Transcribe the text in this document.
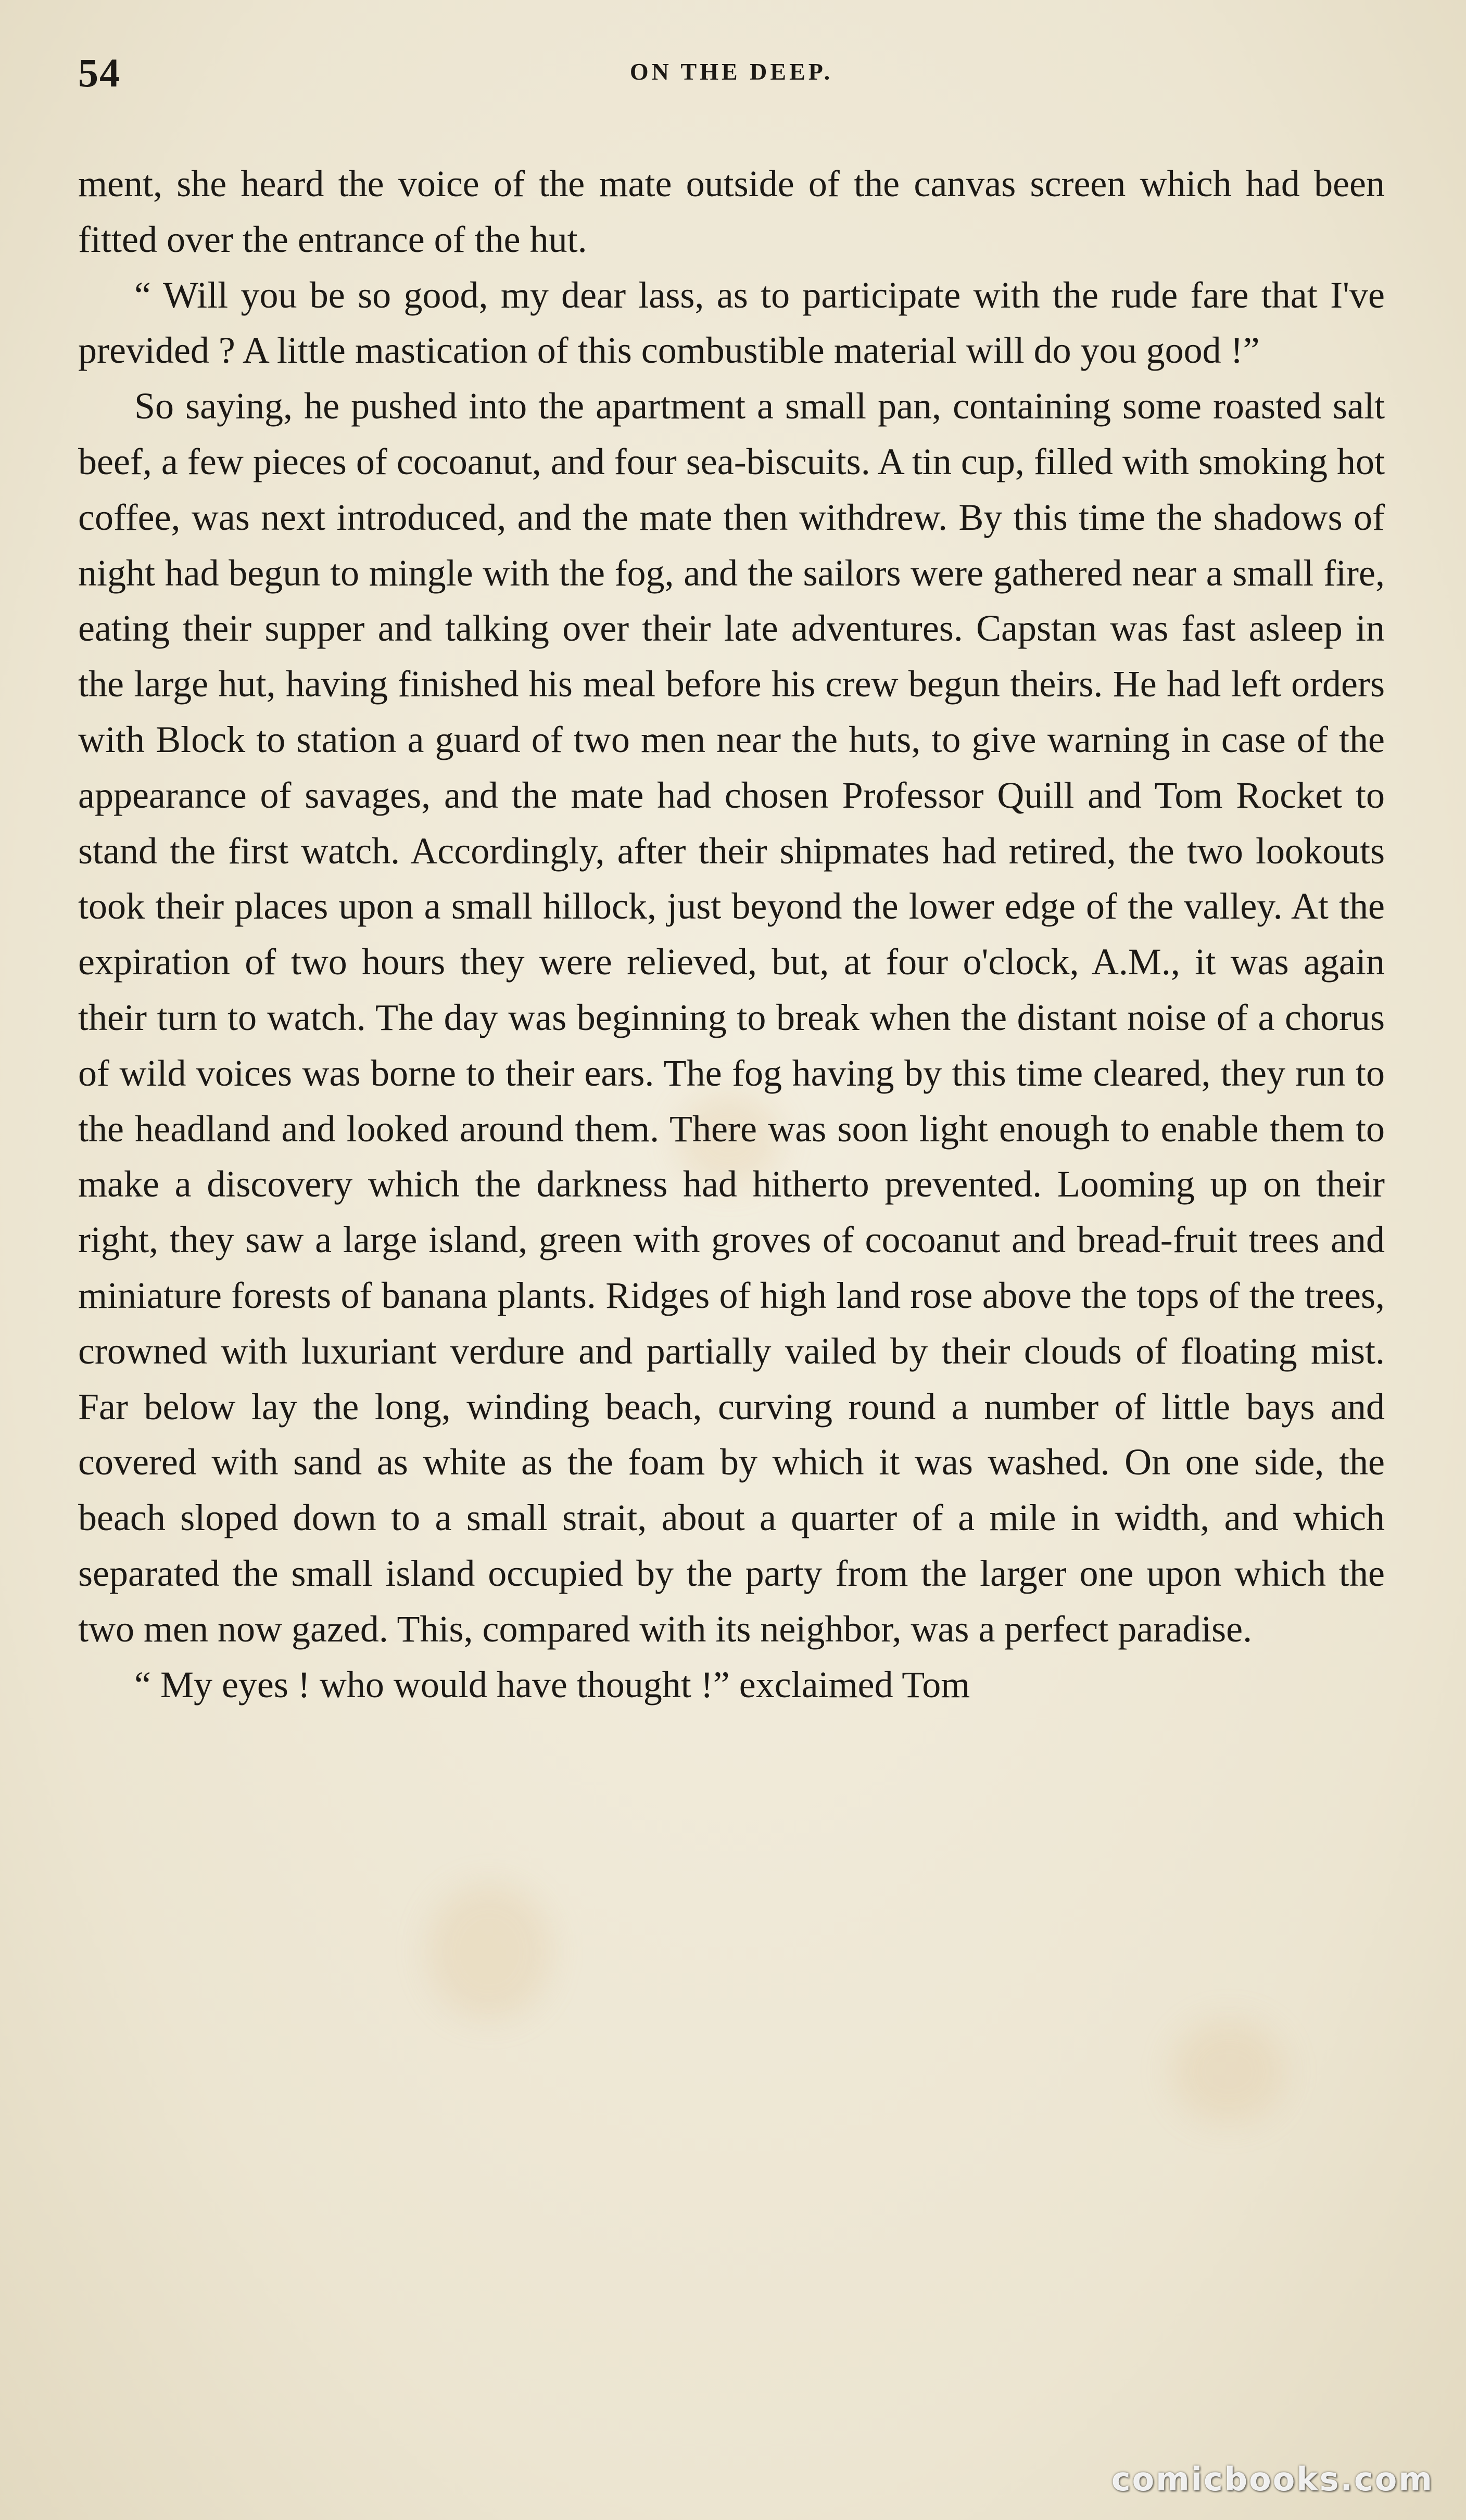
54	ON THE DEEP.

ment, she heard the voice of the mate outside of the canvas screen which had been fitted over the entrance of the hut.

“ Will you be so good, my dear lass, as to participate with the rude fare that I've previded ? A little mastication of this combustible material will do you good !”

So saying, he pushed into the apartment a small pan, containing some roasted salt beef, a few pieces of cocoanut, and four sea-biscuits. A tin cup, filled with smoking hot coffee, was next introduced, and the mate then withdrew. By this time the shadows of night had begun to mingle with the fog, and the sailors were gathered near a small fire, eating their supper and talking over their late adventures. Capstan was fast asleep in the large hut, having finished his meal before his crew begun theirs. He had left orders with Block to station a guard of two men near the huts, to give warning in case of the appearance of savages, and the mate had chosen Professor Quill and Tom Rocket to stand the first watch. Accordingly, after their shipmates had retired, the two lookouts took their places upon a small hillock, just beyond the lower edge of the valley. At the expiration of two hours they were relieved, but, at four o'clock, A.M., it was again their turn to watch. The day was beginning to break when the distant noise of a chorus of wild voices was borne to their ears. The fog having by this time cleared, they run to the headland and looked around them. There was soon light enough to enable them to make a discovery which the darkness had hitherto prevented. Looming up on their right, they saw a large island, green with groves of cocoanut and bread-fruit trees and miniature forests of banana plants. Ridges of high land rose above the tops of the trees, crowned with luxuriant verdure and partially vailed by their clouds of floating mist. Far below lay the long, winding beach, curving round a number of little bays and covered with sand as white as the foam by which it was washed. On one side, the beach sloped down to a small strait, about a quarter of a mile in width, and which separated the small island occupied by the party from the larger one upon which the two men now gazed. This, compared with its neighbor, was a perfect paradise.

“ My eyes ! who would have thought !” exclaimed Tom

comicbooks.com
